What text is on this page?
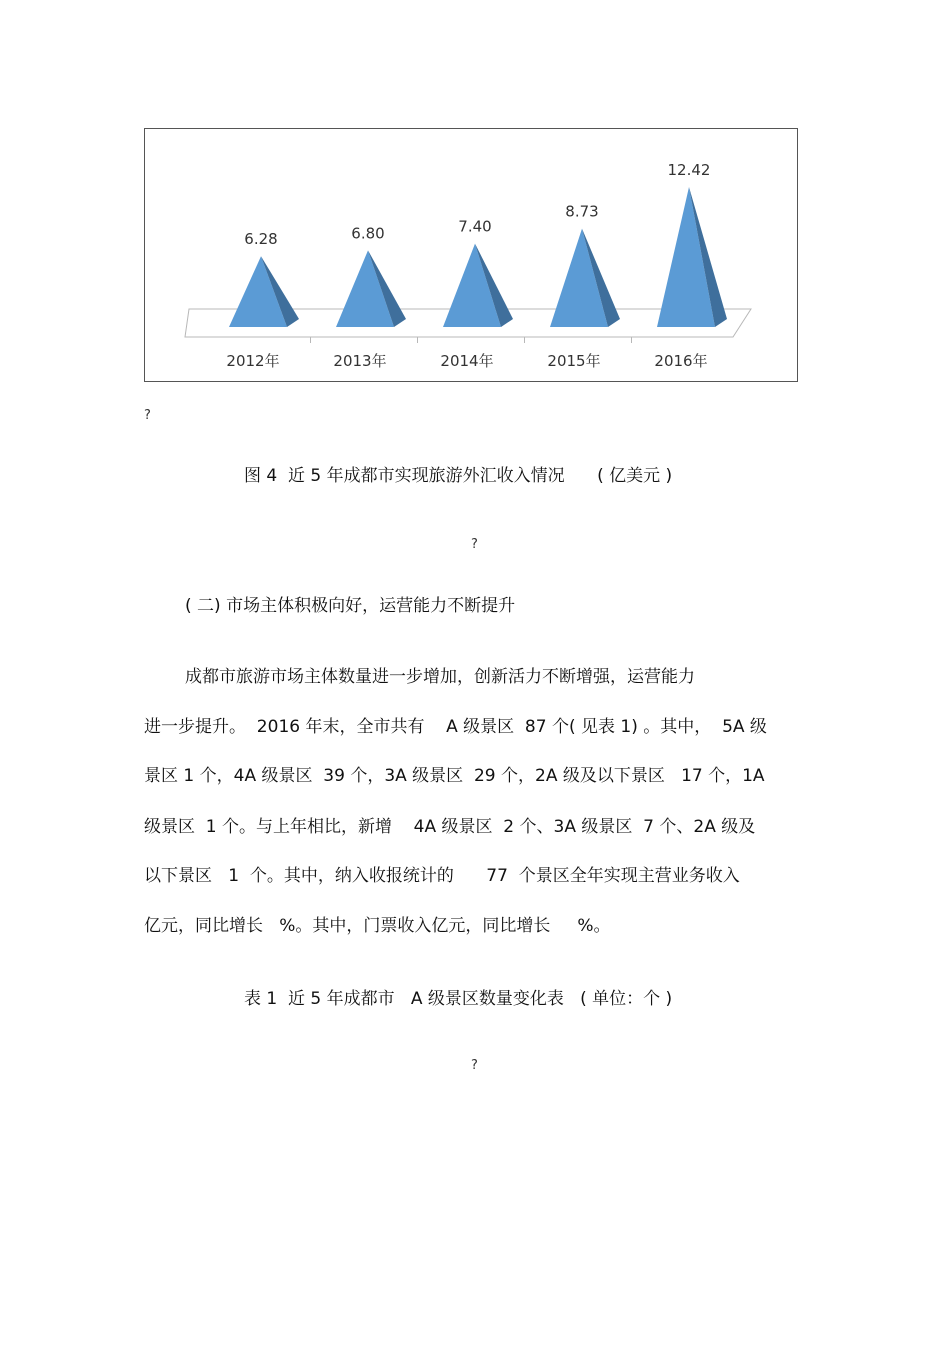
6.28	6.80	7.40
8.73
12.42
2012年	2013年	2014年	2015年	2016年
?
图 4  近 5 年成都市实现旅游外汇收入情况      ( 亿美元 )
?
( 二) 市场主体积极向好，运营能力不断提升
成都市旅游市场主体数量进一步增加，创新活力不断增强，运营能力
进一步提升。  2016 年末，全市共有    A 级景区  87 个( 见表 1) 。其中，  5A 级
景区 1 个，4A 级景区  39 个，3A 级景区  29 个，2A 级及以下景区   17 个，1A
级景区  1 个。与上年相比，新增    4A 级景区  2 个、3A 级景区  7 个、2A 级及
以下景区   1  个。其中，纳入收报统计的      77  个景区全年实现主营业务收入
亿元，同比增长   %。其中，门票收入亿元，同比增长     %。
表 1  近 5 年成都市   A 级景区数量变化表   ( 单位：个 )
?
